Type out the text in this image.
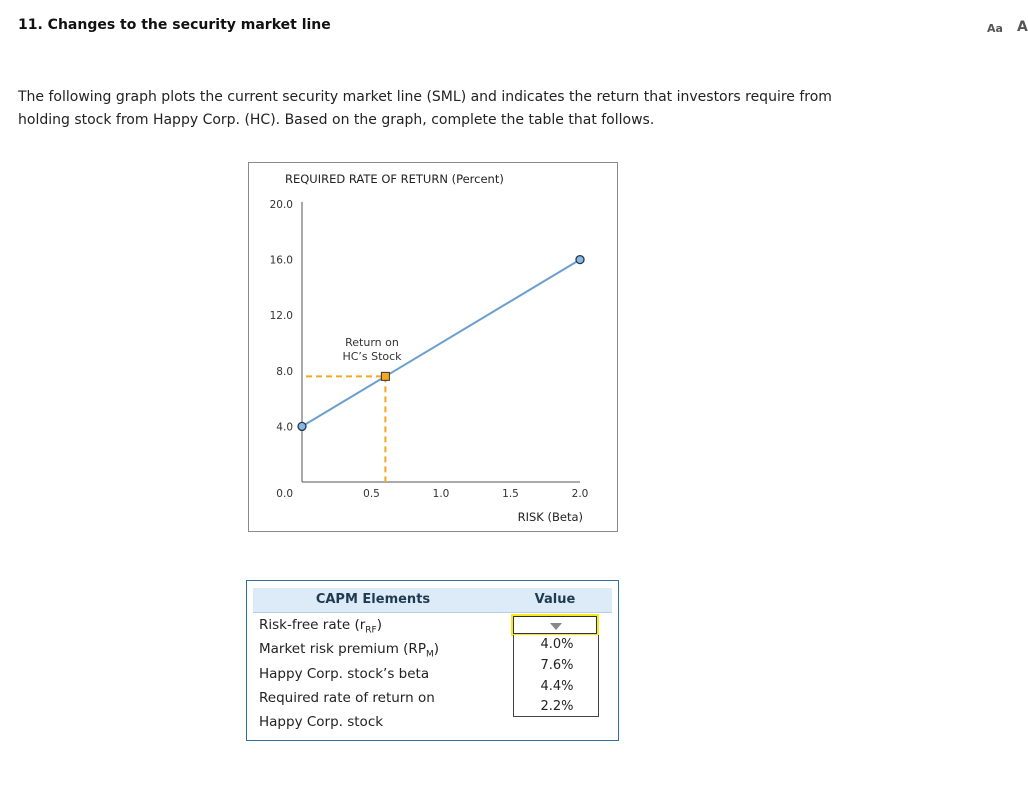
11. Changes to the security market line	Aa A
The following graph plots the current security market line (SML) and indicates the return that investors require from holding stock from Happy Corp. (HC). Based on the graph, complete the table that follows.
REQUIRED RATE OF RETURN (Percent)
0.0
4.0
8.0
12.0
16.0
20.0
0.5	1.0	1.5	2.0
RISK (Beta)
Return on
HC’s Stock
CAPM Elements	Value
Risk-free rate $(r_{RF})$
Market risk premium $(RP_M)$
Happy Corp. stock’s beta
Required rate of return on
Happy Corp. stock
4.0%
7.6%
4.4%
2.2%
